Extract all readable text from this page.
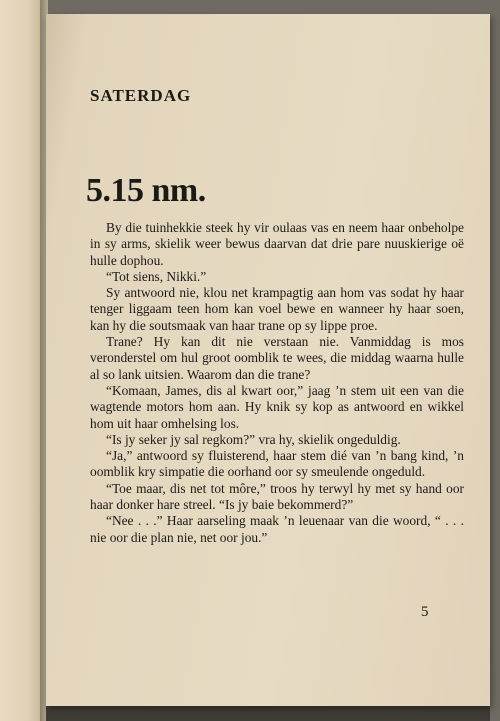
SATERDAG
5.15 nm.

By die tuinhekkie steek hy vir oulaas vas en neem haar onbeholpe in sy arms, skielik weer bewus daarvan dat drie pare nuuskierige oë hulle dophou.

“Tot siens, Nikki.”

Sy antwoord nie, klou net krampagtig aan hom vas sodat hy haar tenger liggaam teen hom kan voel bewe en wanneer hy haar soen, kan hy die soutsmaak van haar trane op sy lippe proe.

Trane? Hy kan dit nie verstaan nie. Vanmiddag is mos veronderstel om hul groot oomblik te wees, die middag waarna hulle al so lank uitsien. Waarom dan die trane?

“Komaan, James, dis al kwart oor,” jaag ’n stem uit een van die wagtende motors hom aan. Hy knik sy kop as antwoord en wikkel hom uit haar omhelsing los.

“Is jy seker jy sal regkom?” vra hy, skielik ongeduldig.

“Ja,” antwoord sy fluisterend, haar stem dié van ’n bang kind, ’n oomblik kry simpatie die oorhand oor sy smeulende ongeduld.

“Toe maar, dis net tot môre,” troos hy terwyl hy met sy hand oor haar donker hare streel. “Is jy baie bekommerd?”

“Nee . . .” Haar aarseling maak ’n leuenaar van die woord, “ . . . nie oor die plan nie, net oor jou.”

5
